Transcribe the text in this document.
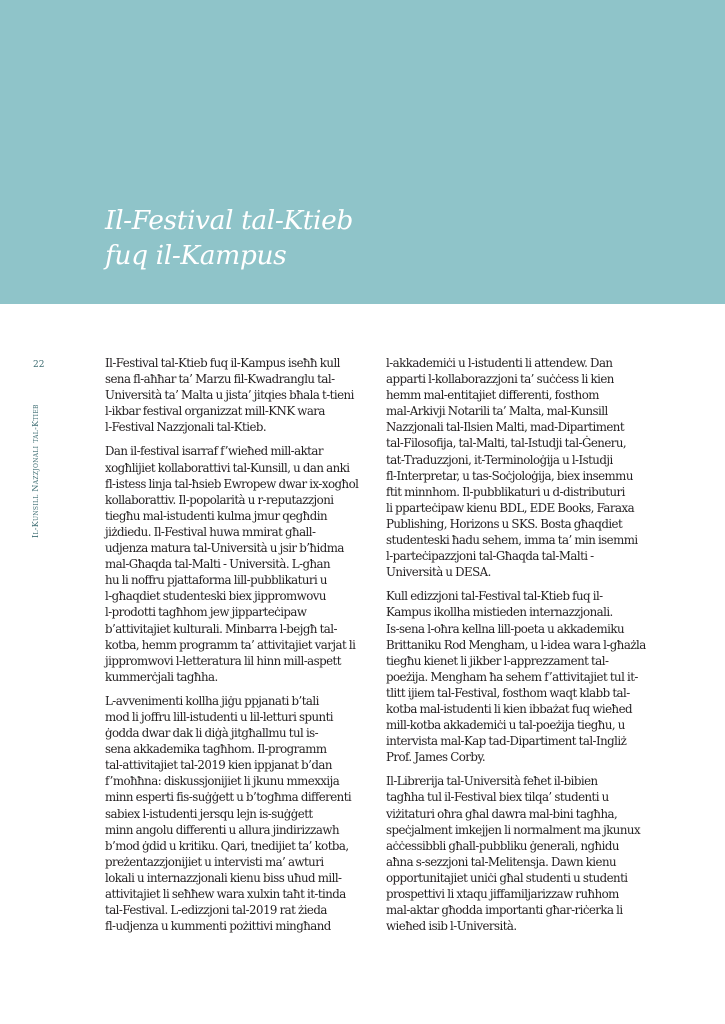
Il-Festival tal-Ktieb
fuq il-Kampus
22
Il-Kunsill Nazzjonali tal-Ktieb

Il-Festival tal-Ktieb fuq il-Kampus iseħħ kull
sena fl-aħħar ta’ Marzu fil-Kwadranglu tal-
Università ta’ Malta u jista’ jitqies bħala t-tieni
l-ikbar festival organizzat mill-KNK wara
l-Festival Nazzjonali tal-Ktieb.

Dan il-festival isarraf f’wieħed mill-aktar
xogħlijiet kollaborattivi tal-Kunsill, u dan anki
fl-istess linja tal-ħsieb Ewropew dwar ix-xogħol
kollaborattiv. Il-popolarità u r-reputazzjoni
tiegħu mal-istudenti kulma jmur qegħdin
jiżdiedu. Il-Festival huwa mmirat għall-
udjenza matura tal-Università u jsir b’ħidma
mal-Għaqda tal-Malti - Università. L-għan
hu li noffru pjattaforma lill-pubblikaturi u
l-għaqdiet studenteski biex jippromwovu
l-prodotti tagħhom jew jipparteċipaw
b’attivitajiet kulturali. Minbarra l-bejgħ tal-
kotba, hemm programm ta’ attivitajiet varjat li
jippromwovi l-letteratura lil hinn mill-aspett
kummerċjali tagħha.

L-avvenimenti kollha jiġu ppjanati b’tali
mod li joffru lill-istudenti u lil-letturi spunti
ġodda dwar dak li diġà jitgħallmu tul is-
sena akkademika tagħhom. Il-programm
tal-attivitajiet tal-2019 kien ippjanat b’dan
f’moħħna: diskussjonijiet li jkunu mmexxija
minn esperti fis-suġġett u b’togħma differenti
sabiex l-istudenti jersqu lejn is-suġġett
minn angolu differenti u allura jindirizzawh
b’mod ġdid u kritiku. Qari, tnedijiet ta’ kotba,
preżentazzjonijiet u intervisti ma’ awturi
lokali u internazzjonali kienu biss uħud mill-
attivitajiet li seħħew wara xulxin taħt it-tinda
tal-Festival. L-edizzjoni tal-2019 rat żieda
fl-udjenza u kummenti pożittivi mingħand

l-akkademiċi u l-istudenti li attendew. Dan
apparti l-kollaborazzjoni ta’ suċċess li kien
hemm mal-entitajiet differenti, fosthom
mal-Arkivji Notarili ta’ Malta, mal-Kunsill
Nazzjonali tal-Ilsien Malti, mad-Dipartiment
tal-Filosofija, tal-Malti, tal-Istudji tal-Ġeneru,
tat-Traduzzjoni, it-Terminoloġija u l-Istudji
fl-Interpretar, u tas-Soċjoloġija, biex insemmu
ftit minnhom. Il-pubblikaturi u d-distributuri
li pparteċipaw kienu BDL, EDE Books, Faraxa
Publishing, Horizons u SKS. Bosta għaqdiet
studenteski ħadu sehem, imma ta’ min isemmi
l-parteċipazzjoni tal-Għaqda tal-Malti -
Università u DESA.

Kull edizzjoni tal-Festival tal-Ktieb fuq il-
Kampus ikollha mistieden internazzjonali.
Is-sena l-oħra kellna lill-poeta u akkademiku
Brittaniku Rod Mengham, u l-idea wara l-għażla
tiegħu kienet li jikber l-apprezzament tal-
poeżija. Mengham ħa sehem f’attivitajiet tul it-
tlitt ijiem tal-Festival, fosthom waqt klabb tal-
kotba mal-istudenti li kien ibbażat fuq wieħed
mill-kotba akkademiċi u tal-poeżija tiegħu, u
intervista mal-Kap tad-Dipartiment tal-Ingliż
Prof. James Corby.

Il-Librerija tal-Università feħet il-bibien
tagħha tul il-Festival biex tilqa’ studenti u
viżitaturi oħra għal dawra mal-bini tagħha,
speċjalment imkejjen li normalment ma jkunux
aċċessibbli għall-pubbliku ġenerali, ngħidu
aħna s-sezzjoni tal-Melitensja. Dawn kienu
opportunitajiet uniċi għal studenti u studenti
prospettivi li xtaqu jiffamiljarizzaw ruħhom
mal-aktar għodda importanti għar-riċerka li
wieħed isib l-Università.
